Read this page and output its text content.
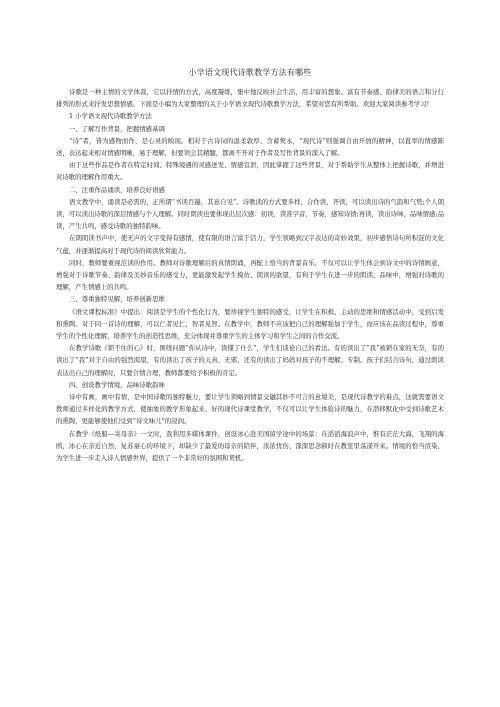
小学语文现代诗歌教学方法有哪些

诗歌是一种主情的文学体裁，它以抒情的方式，高度凝练，集中地反映社会生活，用丰富的想象、富有节奏感、韵律美的语言和分行排列的形式来抒发思想情感。下面是小编为大家整理的关于小学语文现代诗歌教学方法，希望对您有所帮助。欢迎大家阅读参考学习!

1 小学语文现代诗歌教学方法

一、了解写作背景，把握情感基调

“诗”者，皆为感物而作，是心灵的映现。相对于古诗词的温柔敦厚、含蓄隽永，“现代诗”则强调自由开放的精神，以直率的情感陈述，表达起来相对情感明晰，易于理解，但要领会其精髓，都离不开对于作者及写作背景的深入了解。

由于这些作品是作者在特定时间、特殊境遇的灵感迸发、情感宣泄，因此掌握了这些背景，对于帮助学生从整体上把握诗歌，并增进对诗歌的理解作用重大。

二、注重作品诵读，培养良好语感

语文教学中，诵读是必需的，正所谓“书读百遍，其意自见”。诗歌读的方式要多样，合作读、齐读，可以读出诗的气韵和气势;个人朗读，可以读出诗歌的深层情感与个人理解。同时朗读也要体现出层次感：初读，读准字音、节奏，感知诗情;再读，读出诗味，品味情感;品读，产生共鸣，感受诗歌的独特韵味。

在朗朗读书声中，使无声的文字变得有感情，使有限的语言富于活力，学生领略到汉字表达的奇妙效果，初步感悟诗句所积淀的文化气蕴，并逐渐提高对于现代诗的阅读欣赏能力。

同时，教师要重视范读的作用。教师对诗歌理解后的真情朗诵，再配上恰当的背景音乐，不仅可以让学生体会到诗文中的诗情画意，增强对于诗歌节奏、韵律及美妙音乐的感受力，更能激发起学生模仿、朗读的欲望，有利于学生在进一步的朗读、品味中，增强对诗歌的理解，产生情感上的共鸣。

三、尊重独特见解，培养创新思维

《语文课程标准》中提出：阅读是学生的个性化行为，要珍视学生独特的感受，让学生在积极、主动的思维和情感活动中，受到启发和熏陶。对于同一首诗的理解，可以仁者见仁，智者见智。在教学中，教师不应该把自己的理解强加于学生，而应该在品读过程中，尊重学生的个性化理解，培养学生的创造性思维，充分体现并尊重学生的主体学习和学生之间的合作交流。

在教学诗歌《锁不住的心》时，围绕问题“你从诗中，读懂了什么”，学生们谈论自己的看法。有的读出了“我”被锁在家的无奈，有的读出了“我”对于自由的强烈渴望，有的读出了孩子的天真，无邪，还有的读出了妈妈对孩子的不理解、专制。孩子们结合诗句，通过朗读表达出自己的理解时，只要合情合理，教师都要给予积极的肯定。

四、创设教学情境，品味诗歌韵味

诗中有画，画中有情，是中国诗歌的独特魅力，要让学生领略到情景交融其妙不可言的意境美，是现代诗教学的难点，这就需要语文教师通过多样化的教学方式，使抽象的教学形象起来、好的现代诗课堂教学，不仅可以让学生体验诗的魅力，在潜移默化中受到诗歌艺术的熏陶，更能够使他们受到“诗文味儿”的浸润。

在教学《纸船—寄母亲》一文时，我利用多媒体课件，创设冰心赴美国留学途中的场景：在滔滔海浪声中，惟有茫茫大海，飞翔的海鸥，冰心在亲近自然、复苏童心的环境下，却缺少了最爱的母亲的陪伴，浓浓忧伤、深深思念顿时在教室里荡漾开来。情境的恰当渲染，为学生进一步走入诗人情感世界，提供了一个非常好的氛围和契机。
